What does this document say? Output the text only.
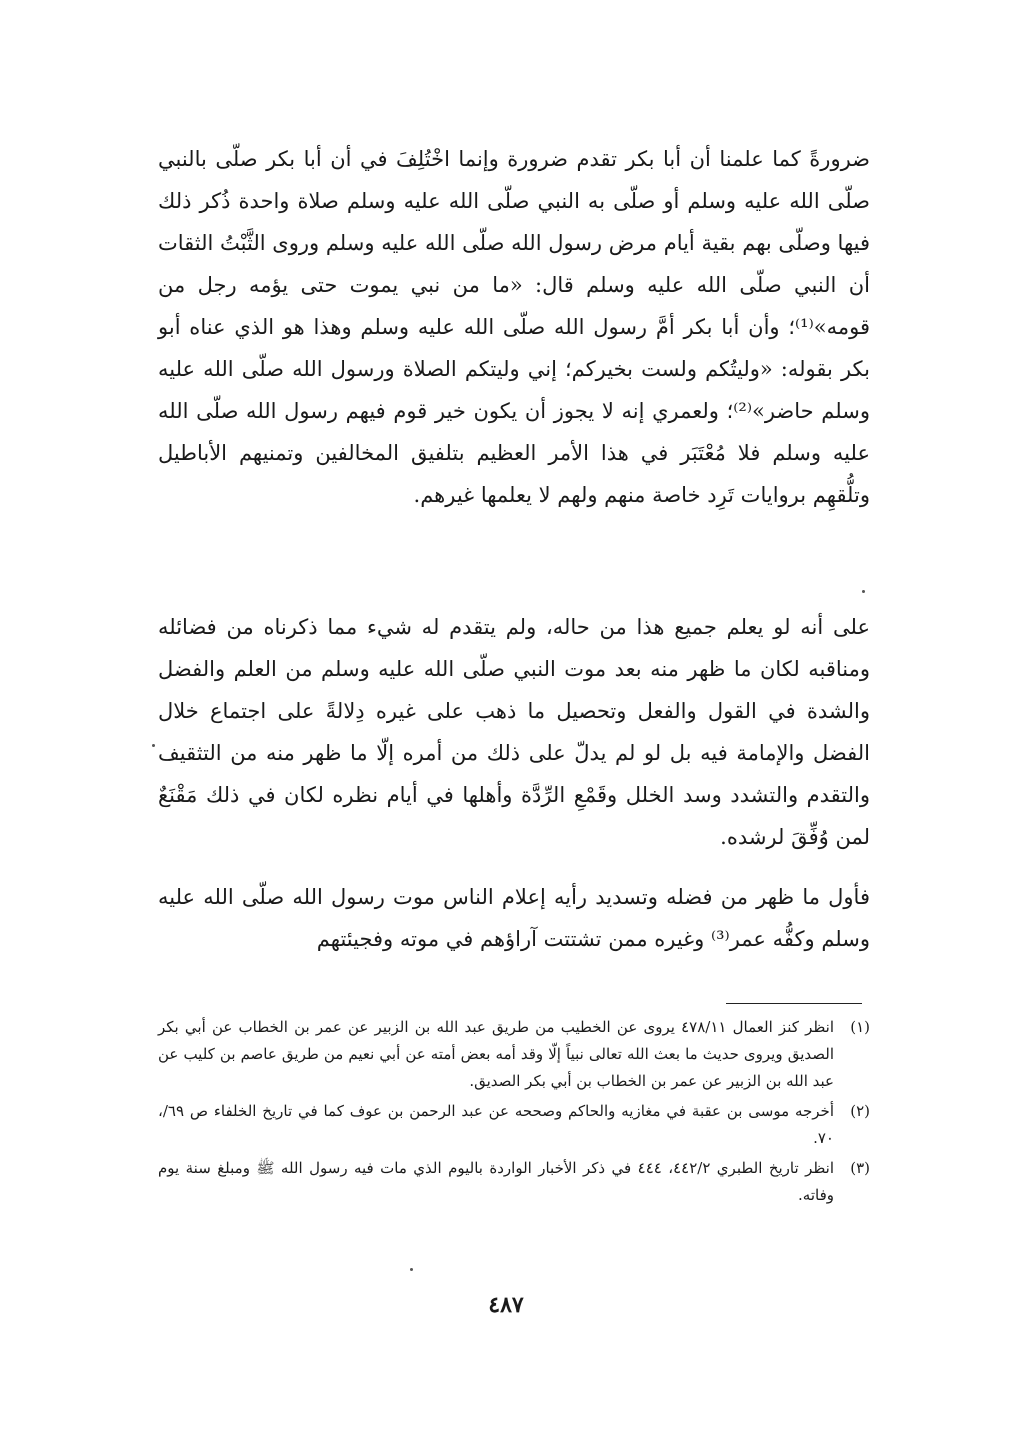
ضرورةً كما علمنا أن أبا بكر تقدم ضرورة وإنما اخْتُلِفَ في أن أبا بكر صلّى بالنبي صلّى الله عليه وسلم أو صلّى به النبي صلّى الله عليه وسلم صلاة واحدة ذُكر ذلك فيها وصلّى بهم بقية أيام مرض رسول الله صلّى الله عليه وسلم وروى الثَّبْتُ الثقات أن النبي صلّى الله عليه وسلم قال: «ما من نبي يموت حتى يؤمه رجل من قومه»⁽¹⁾؛ وأن أبا بكر أمَّ رسول الله صلّى الله عليه وسلم وهذا هو الذي عناه أبو بكر بقوله: «وليتُكم ولست بخيركم؛ إني وليتكم الصلاة ورسول الله صلّى الله عليه وسلم حاضر»⁽²⁾؛ ولعمري إنه لا يجوز أن يكون خير قوم فيهم رسول الله صلّى الله عليه وسلم فلا مُعْتَبَر في هذا الأمر العظيم بتلفيق المخالفين وتمنيهم الأباطيل وتلُّقهِم بروايات تَرِد خاصة منهم ولهم لا يعلمها غيرهم.

على أنه لو يعلم جميع هذا من حاله، ولم يتقدم له شيء مما ذكرناه من فضائله ومناقبه لكان ما ظهر منه بعد موت النبي صلّى الله عليه وسلم من العلم والفضل والشدة في القول والفعل وتحصيل ما ذهب على غيره دِلالةً على اجتماع خلال الفضل والإمامة فيه بل لو لم يدلّ على ذلك من أمره إلّا ما ظهر منه من التثقيف والتقدم والتشدد وسد الخلل وقَمْعِ الرِّدَّة وأهلها في أيام نظره لكان في ذلك مَقْنَعٌ لمن وُفِّقَ لرشده.

فأول ما ظهر من فضله وتسديد رأيه إعلام الناس موت رسول الله صلّى الله عليه وسلم وكفُّه عمر⁽³⁾ وغيره ممن تشتتت آراؤهم في موته وفجيئتهم

(١)
انظر كنز العمال ٤٧٨/١١ يروى عن الخطيب من طريق عبد الله بن الزبير عن عمر بن الخطاب عن أبي بكر الصديق ويروى حديث ما بعث الله تعالى نبياً إلّا وقد أمه بعض أمته عن أبي نعيم من طريق عاصم بن كليب عن عبد الله بن الزبير عن عمر بن الخطاب بن أبي بكر الصديق.
(٢)
أخرجه موسى بن عقبة في مغازيه والحاكم وصححه عن عبد الرحمن بن عوف كما في تاريخ الخلفاء ص ٦٩/، ٧٠.
(٣)
انظر تاريخ الطبري ٤٤٢/٢، ٤٤٤ في ذكر الأخبار الواردة باليوم الذي مات فيه رسول الله ﷺ ومبلغ سنة يوم وفاته.
٤٨٧
